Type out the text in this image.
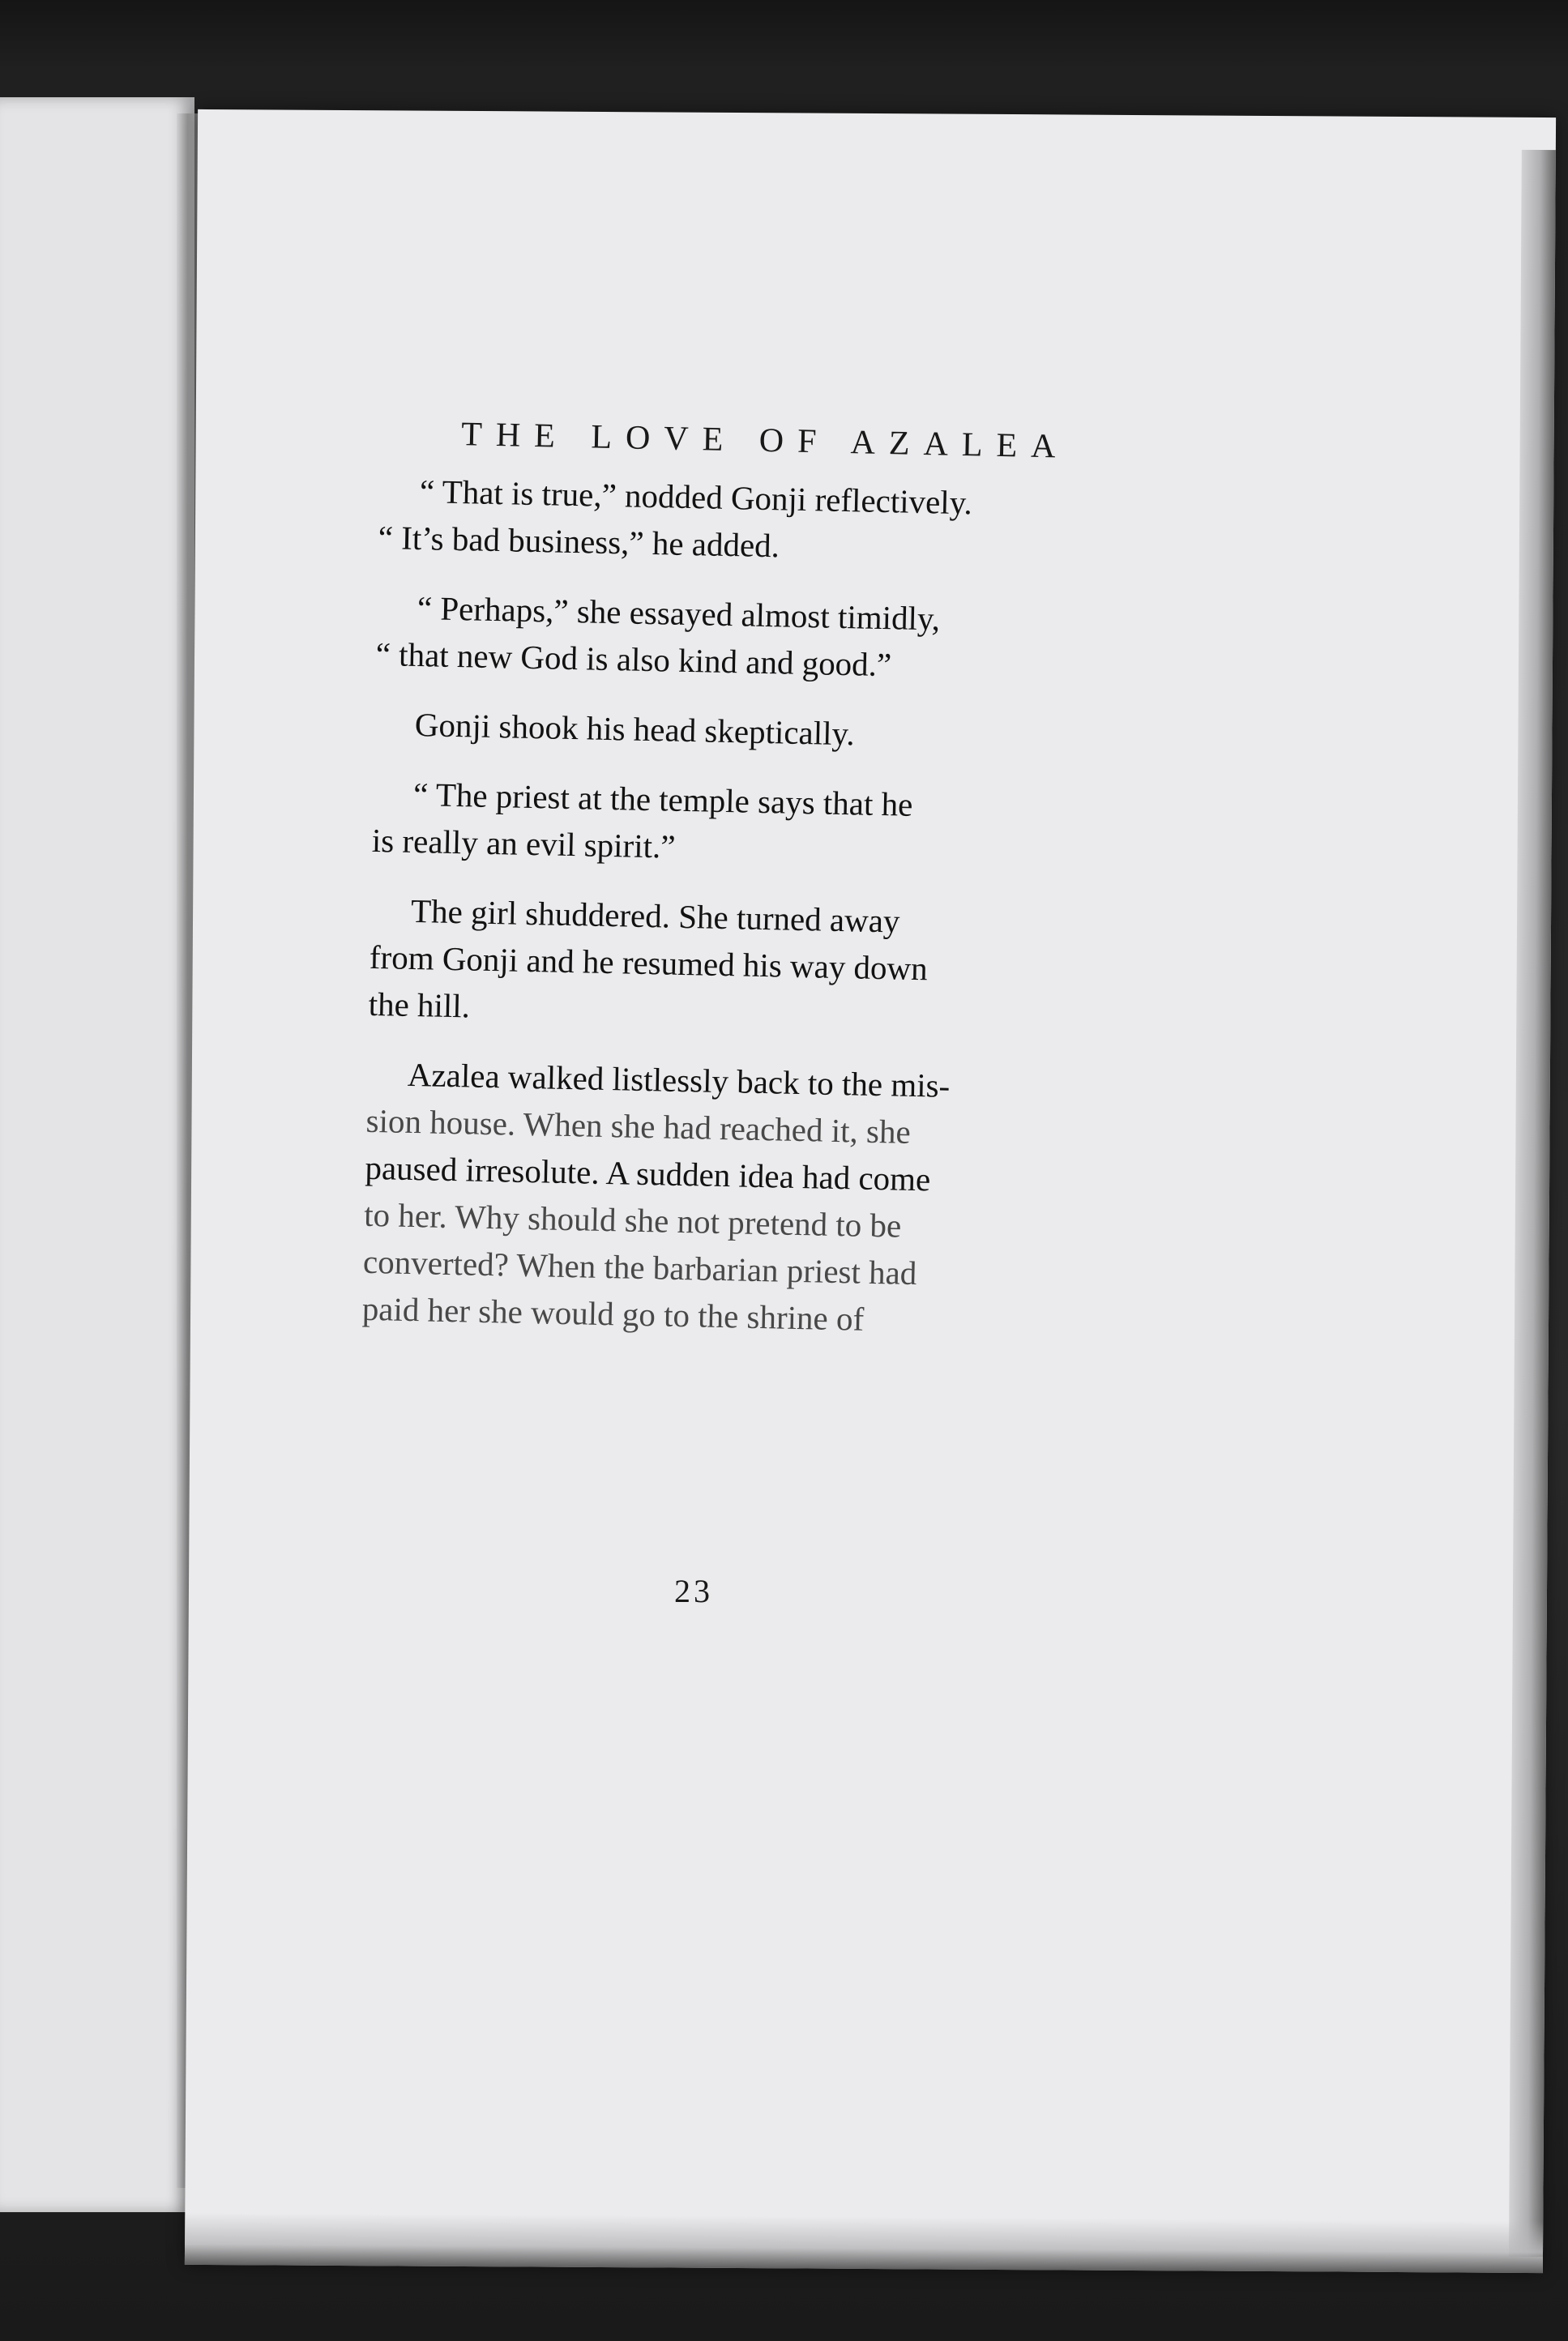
THE LOVE OF AZALEA
“ That is true,” nodded Gonji reflectively.
“ It’s bad business,” he added.
“ Perhaps,” she essayed almost timidly,
“ that new God is also kind and good.”
Gonji shook his head skeptically.
“ The priest at the temple says that he
is really an evil spirit.”
The girl shuddered. She turned away
from Gonji and he resumed his way down
the hill.
Azalea walked listlessly back to the mis-
sion house. When she had reached it, she
paused irresolute. A sudden idea had come
to her. Why should she not pretend to be
converted? When the barbarian priest had
paid her she would go to the shrine of
23
